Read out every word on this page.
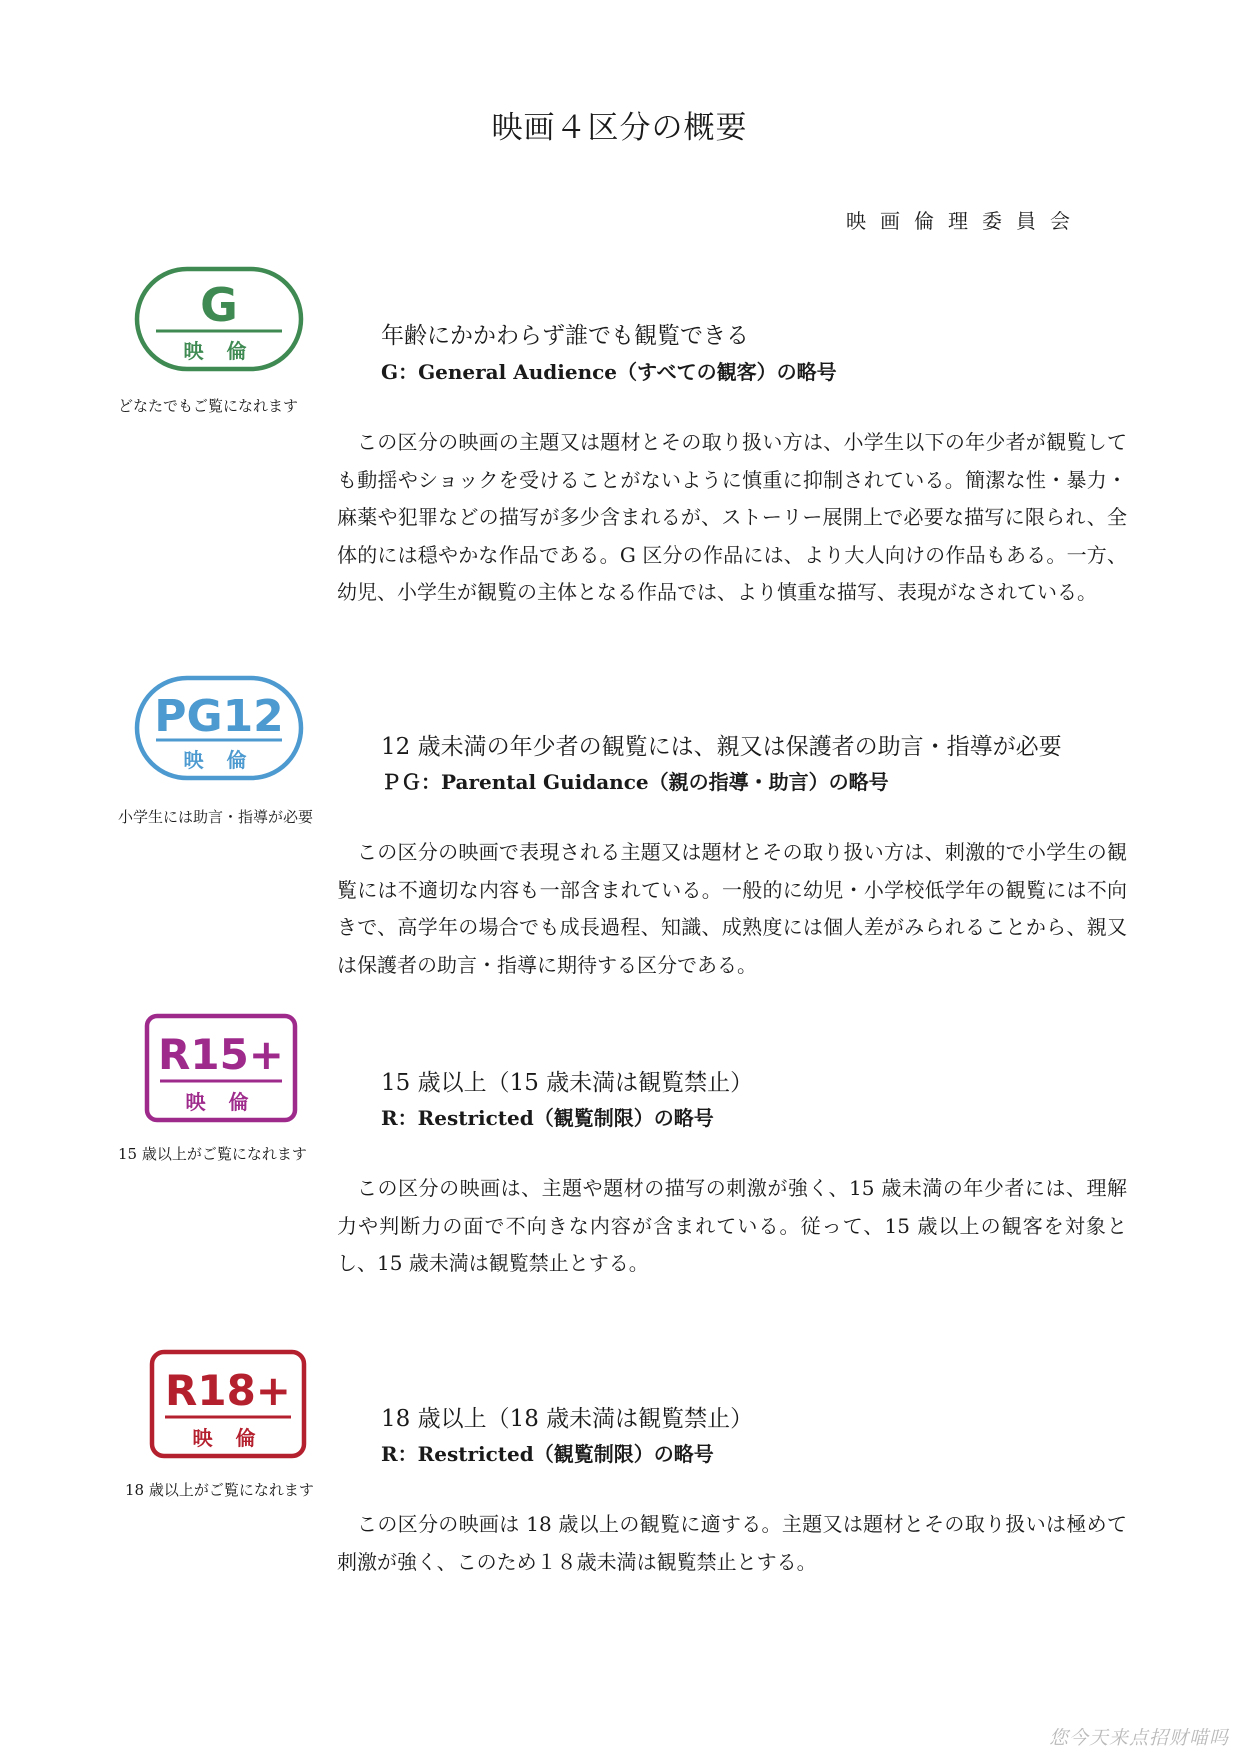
映画４区分の概要
映画倫理委員会
G
映 倫
どなたでもご覧になれます
年齢にかかわらず誰でも観覧できる
G：General Audience（すべての観客）の略号

この区分の映画の主題又は題材とその取り扱い方は、小学生以下の年少者が観覧しても動揺やショックを受けることがないように慎重に抑制されている。簡潔な性・暴力・麻薬や犯罪などの描写が多少含まれるが、ストーリー展開上で必要な描写に限られ、全体的には穏やかな作品である。G 区分の作品には、より大人向けの作品もある。一方、幼児、小学生が観覧の主体となる作品では、より慎重な描写、表現がなされている。

PG12
映 倫
小学生には助言・指導が必要
12 歳未満の年少者の観覧には、親又は保護者の助言・指導が必要
ＰＧ：Parental Guidance（親の指導・助言）の略号

この区分の映画で表現される主題又は題材とその取り扱い方は、刺激的で小学生の観覧には不適切な内容も一部含まれている。一般的に幼児・小学校低学年の観覧には不向きで、高学年の場合でも成長過程、知識、成熟度には個人差がみられることから、親又は保護者の助言・指導に期待する区分である。

R15+
映 倫
15 歳以上がご覧になれます
15 歳以上（15 歳未満は観覧禁止）
R：Restricted（観覧制限）の略号

この区分の映画は、主題や題材の描写の刺激が強く、15 歳未満の年少者には、理解力や判断力の面で不向きな内容が含まれている。従って、15 歳以上の観客を対象とし、15 歳未満は観覧禁止とする。

R18+
映 倫
18 歳以上がご覧になれます
18 歳以上（18 歳未満は観覧禁止）
R：Restricted（観覧制限）の略号

この区分の映画は 18 歳以上の観覧に適する。主題又は題材とその取り扱いは極めて刺激が強く、このため１８歳未満は観覧禁止とする。

您今天来点招财喵吗
